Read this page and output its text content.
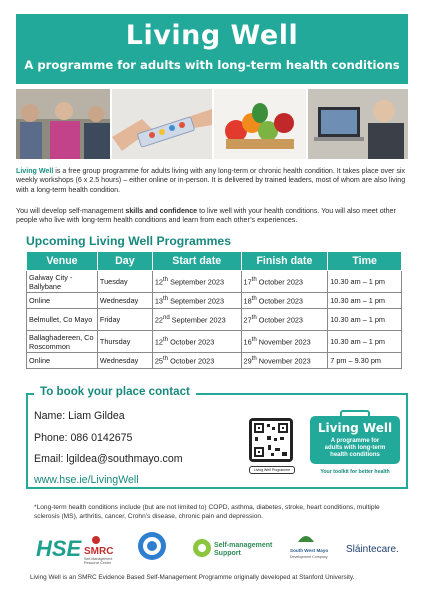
Living Well
A programme for adults with long-term health conditions
Living Well is a free group programme for adults living with any long-term or chronic health condition. It takes place over six weekly workshops (6 x 2.5 hours) – either online or in-person. It is delivered by trained leaders, most of whom are also living with a long-term health condition.
You will develop self-management skills and confidence to live well with your health conditions. You will also meet other people who live with long-term health conditions and learn from each other’s experiences.
Upcoming Living Well Programmes
Venue	Day	Start date	Finish date	Time
Galway City - Ballybane	Tuesday	12th September 2023	17th October 2023	10.30 am – 1 pm
Online	Wednesday	13th September 2023	18th October 2023	10.30 am – 1 pm
Belmullet, Co Mayo	Friday	22nd September 2023	27th October 2023	10.30 am – 1 pm
Ballaghadereen, Co Roscommon	Thursday	12th October 2023	16th November 2023	10.30 am – 1 pm
Online	Wednesday	25th October 2023	29th November 2023	7 pm – 9.30 pm
To book your place contact
Name: Liam Gildea
Phone: 086 0142675
Email: lgildea@southmayo.com
www.hse.ie/LivingWell
Living Well Programme
Living Well
A programme for
adults with long-term
health conditions
Your toolkit for better health
*Long-term health conditions include (but are not limited to) COPD, asthma, diabetes, stroke, heart conditions, multiple sclerosis (MS), arthritis, cancer, Crohn’s disease, chronic pain and depression.
HSE SMRC
Self-Management
Resource Center
Self-management
Support	South West Mayo
Development Company
Sláintecare.
Living Well is an SMRC Evidence Based Self-Management Programme originally developed at Stanford University.
